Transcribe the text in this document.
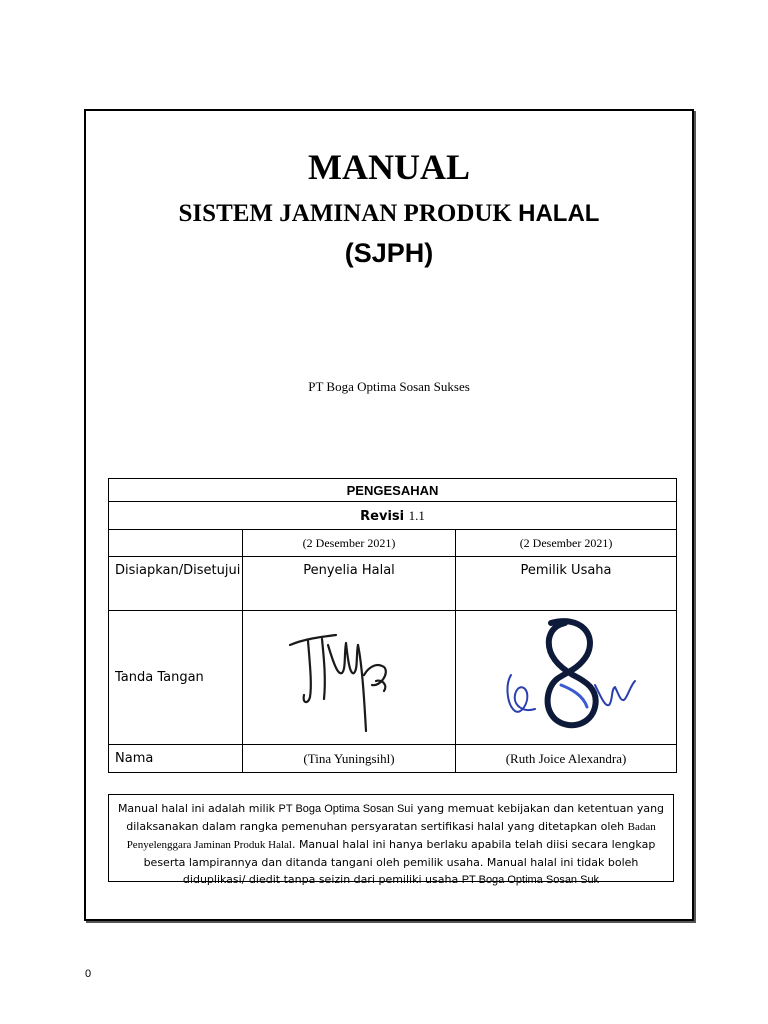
MANUAL
SISTEM JAMINAN PRODUK HALAL
(SJPH)
PT Boga Optima Sosan Sukses
PENGESAHAN		
Revisi 1.1		
	(2 Desember 2021)	(2 Desember 2021)
Disiapkan/Disetujui	Penyelia Halal	Pemilik Usaha
Tanda Tangan		
Nama	(Tina Yuningsihl)	(Ruth Joice Alexandra)
Manual halal ini adalah milik PT Boga Optima Sosan Sui yang memuat kebijakan dan ketentuan yang dilaksanakan dalam rangka pemenuhan persyaratan sertifikasi halal yang ditetapkan oleh Badan Penyelenggara Jaminan Produk Halal. Manual halal ini hanya berlaku apabila telah diisi secara lengkap beserta lampirannya dan ditanda tangani oleh pemilik usaha. Manual halal ini tidak boleh diduplikasi/ diedit tanpa seizin dari pemiliki usaha PT Boga Optima Sosan Suk
0
